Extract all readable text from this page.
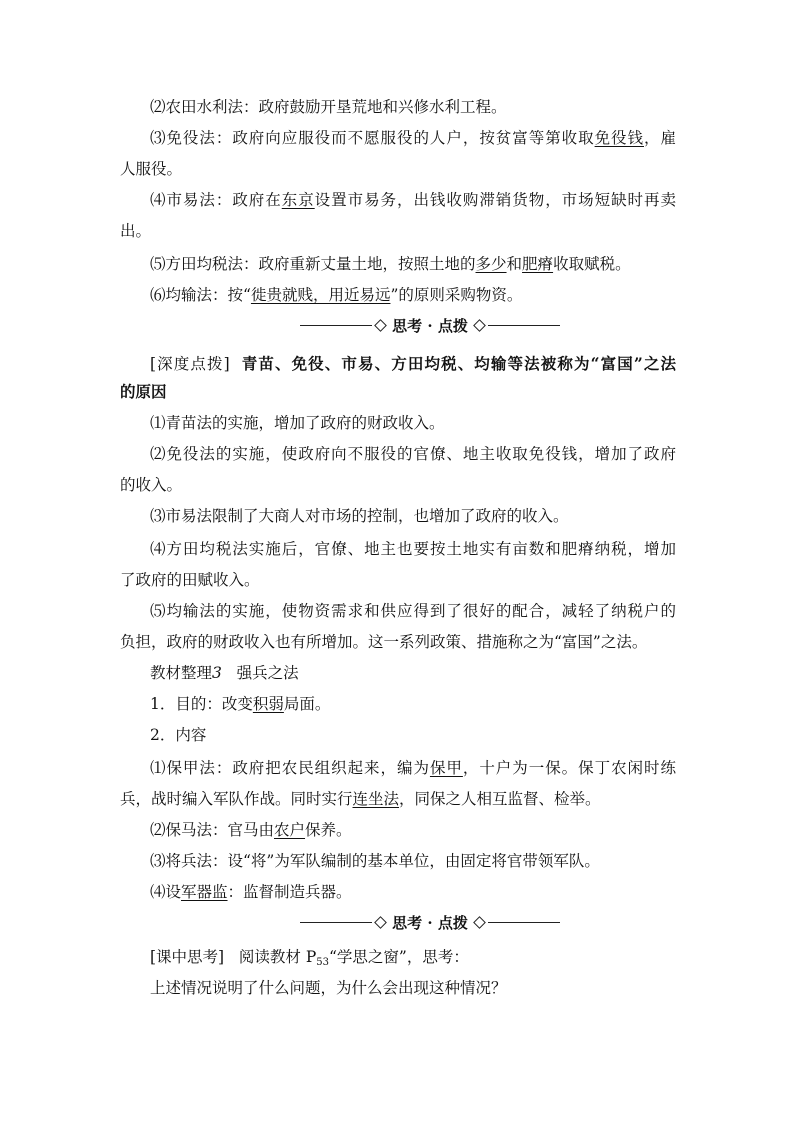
⑵农田水利法：政府鼓励开垦荒地和兴修水利工程。
⑶免役法：政府向应服役而不愿服役的人户，按贫富等第收取免役钱，雇
人服役。
⑷市易法：政府在东京设置市易务，出钱收购滞销货物，市场短缺时再卖
出。
⑸方田均税法：政府重新丈量土地，按照土地的多少和肥瘠收取赋税。
⑹均输法：按“徙贵就贱，用近易远”的原则采购物资。
思考 · 点拨
[深度点拨] 青苗、免役、市易、方田均税、均输等法被称为“富国”之法
的原因
⑴青苗法的实施，增加了政府的财政收入。
⑵免役法的实施，使政府向不服役的官僚、地主收取免役钱，增加了政府
的收入。
⑶市易法限制了大商人对市场的控制，也增加了政府的收入。
⑷方田均税法实施后，官僚、地主也要按土地实有亩数和肥瘠纳税，增加
了政府的田赋收入。
⑸均输法的实施，使物资需求和供应得到了很好的配合，减轻了纳税户的
负担，政府的财政收入也有所增加。这一系列政策、措施称之为“富国”之法。
教材整理3 强兵之法
1．目的：改变积弱局面。
2．内容
⑴保甲法：政府把农民组织起来，编为保甲，十户为一保。保丁农闲时练
兵，战时编入军队作战。同时实行连坐法，同保之人相互监督、检举。
⑵保马法：官马由农户保养。
⑶将兵法：设“将”为军队编制的基本单位，由固定将官带领军队。
⑷设军器监：监督制造兵器。
思考 · 点拨
[课中思考] 阅读教材 $P_{53}“$学思之窗”，思考：
上述情况说明了什么问题，为什么会出现这种情况？
